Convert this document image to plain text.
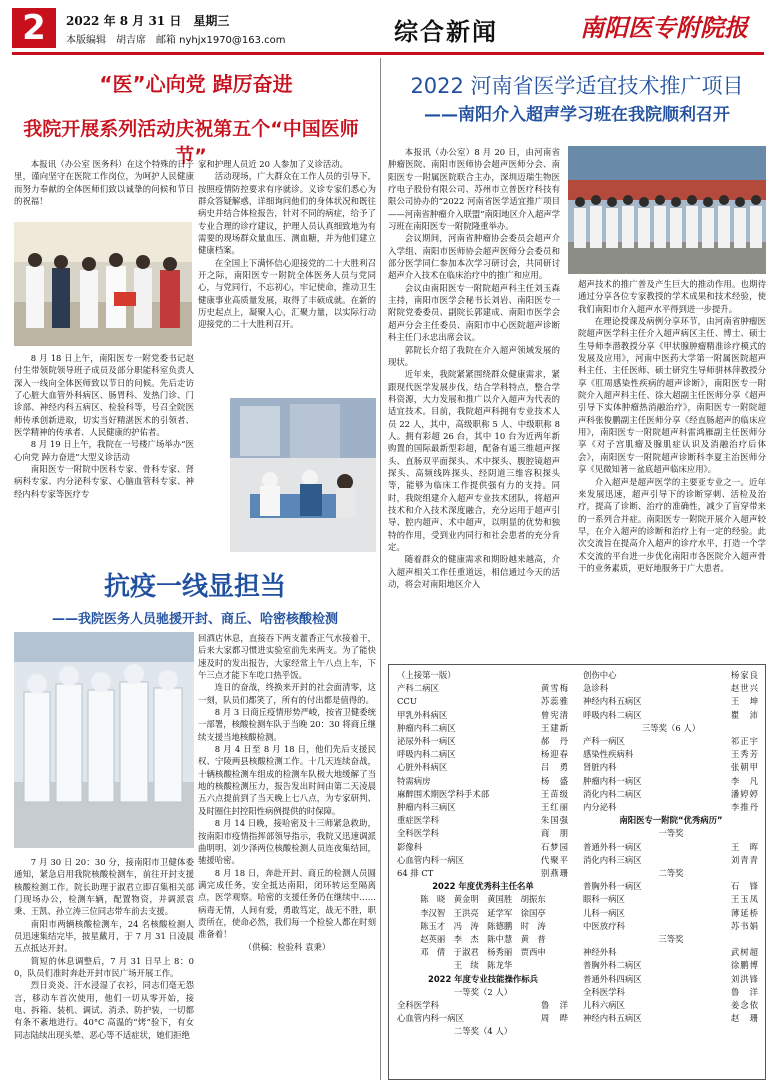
2	2022 年 8 月 31 日　星期三
本版编辑　胡吉席　邮箱 nyhjx1970@163.com	综合新闻	南阳医专附院报
“医”心向党 踔厉奋进
我院开展系列活动庆祝第五个“中国医师节”

本报讯（办公室 医务科）在这个特殊的日子里，谨向坚守在医院工作岗位，为呵护人民健康而努力奉献的全体医师们致以诚挚的问候和节日的祝福！

8 月 18 日上午，南阳医专一附党委书记赵付生带领院领导班子成员及部分职能科室负责人深入一线向全体医师致以节日的问候。先后走访了心脏大血管外科病区、肠胃科、发热门诊、门诊部、神经内科五病区、检验科等，号召全院医师传承创新进取，切实当好精湛医术的引领者、医学精神的传承者、人民健康的护佑者。

8 月 19 日上午，我院在一号楼广场举办“医心向党 踔力奋进”大型义诊活动

南阳医专一附院中医科专家、骨科专家、肾病科专家、内分泌科专家、心脑血管科专家、神经内科专家等医疗专

家和护理人员近 20 人参加了义诊活动。

活动现场，广大群众在工作人员的引导下，按照疫情防控要求有序就诊。义诊专家们悉心为群众答疑解惑，详细询问他们的身体状况和既往病史并结合体检报告，针对不同的病症，给予了专业合理的诊疗建议，护理人员认真细致地为有需要的现场群众量血压、测血糖，并为他们建立健康档案。

在全国上下满怀信心迎接党的二十大胜利召开之际，南阳医专一附院全体医务人员与党同心，与党同行，不忘初心，牢记使命，推动卫生健康事业高质量发展，取得了丰硕成就。在新的历史起点上，凝聚人心，汇聚力量，以实际行动迎接党的二十大胜利召开。

抗疫一线显担当
——我院医务人员驰援开封、商丘、哈密核酸检测

7 月 30 日 20：30 分，接南阳市卫健体委通知，紧急启用我院核酸检测车，前往开封支援核酸检测工作。院长助理于淑君立即召集相关部门现场办公，检测车辆，配置物资，并调派袁秉、王凯、孙立涛三位同志带车前去支援。

南阳市两辆核酸检测车，24 名核酸检测人员迅速集结完毕，披星戴月，于 7 月 31 日凌晨五点抵达开封。

简短的休息调整后，7 月 31 日早上 8：00，队员们准时奔赴开封市民广场开展工作。

烈日炎炎、汗水浸湿了衣衫，同志们毫无怨言，移动车首次使用，他们一切从零开始，接电、拆箱、装机、调试、消杀、防护装，一切都有条不紊地进行。40°C 高温的“烤”验下，有女同志陆续出现头晕、恶心等不适症状，她们拒绝

回酒店休息，直接吞下两支藿香正气水接着干，后来大家都习惯进实验室前先来两支。为了能快速及时的发出报告，大家经常上午八点上车，下午三点才能下车吃口热乎饭。

连日的奋战，终换来开封的社会面清零，这一刻，队员们都笑了，所有的付出都是值得的。

8 月 3 日商丘疫情形势严峻，按省卫健委统一部署，核酸检测车队于当晚 20：30 将商丘继续支援当地核酸检测。

8 月 4 日至 8 月 18 日，他们先后支援民权、宁陵两县核酸检测工作。十几天连续奋战，十辆核酸检测车组成的检测车队极大地缓解了当地的核酸检测压力，报告发出时间由第二天凌晨五六点提前到了当天晚上七八点，为专家研判、及时圈住封控阳性病例提供的时保障。

8 月 14 日晚，接哈密及十三师紧急救助，按南阳市疫情指挥部领导指示，我院又迅速调派曲明明、刘少泽两位核酸检测人员连夜集结回，驰援哈密。

8 月 18 日，奔赴开封、商丘的检测人员圆满完成任务，安全抵达南阳，闭环转运至隔离点，医学观察。哈密的支援任务仍在继续中……病毒无情，人间有爱，勇敢笃定，战无不胜，职责所在，使命必然，我们每一个检验人都在时刻准备着！

（供稿：检验科 袁秉）

2022 河南省医学适宜技术推广项目
——南阳介入超声学习班在我院顺利召开

本报讯（办公室）8 月 20 日，由河南省肿瘤医院、南阳市医师协会超声医师分会、南阳医专一附属医院联合主办，深圳迈瑞生物医疗电子股份有限公司、苏州市立普医疗科技有限公司协办的“2022 河南省医学适宜推广项目——河南省肿瘤介入联盟”南阳地区介入超声学习班在南阳医专一附院隆重举办。

会议期间，河南省肿瘤协会委员会超声介入学组、南阳市医师协会超声医师分会委员和部分医学同仁参加本次学习研讨会，共同研讨超声介入技术在临床治疗中的推广和应用。

会议由南阳医专一附院超声科主任刘玉森主持，南阳市医学会秘书长刘岩、南阳医专一附院党委委员、副院长郭建成、南阳市医学会超声分会主任委员、南阳市中心医院超声诊断科主任门永忠出席会议。

郭院长介绍了我院在介入超声领域发展的现状。

近年来，我院紧紧围绕群众健康需求，紧跟现代医学发展步伐，结合学科特点，整合学科资源，大力发展和推广以介入超声为代表的适宜技术。目前，我院超声科拥有专业技术人员 22 人，其中，高级职称 5 人、中级职称 8 人。拥有彩超 26 台，其中 10 台为近两年新购置的国际最新型彩超，配备有遥三维超声探头、直肠双平面探头、术中探头、腹腔镜超声探头、高频线阵探头、经阴道三维容积探头等，能够为临床工作提供强有力的支持。同时，我院组建介入超声专业技术团队，将超声技术和介入技术深度融合，充分运用于超声引导、腔内超声、术中超声，以明显的优势和独特的作用，受到业内同行和社会患者的充分肯定。

随着群众的健康需求和期盼越来越高，介入超声相关工作任重道远，相信通过今天的活动，将会对南阳地区介入

超声技术的推广普及产生巨大的推动作用。也期待通过分享各位专家教授的学术成果和技术经验，使我们南阳市介入超声水平得到进一步提升。

在理论授课及病例分享环节，由河南省肿瘤医院超声医学科主任介入超声病区主任、博士、硕士生导师李潜教授分享《甲状腺肿瘤精准诊疗模式的发展及应用》，河南中医药大学第一附属医院超声科主任、主任医师、硕士研究生导师骈林萍教授分享《肛周感染性疾病的超声诊断》，南阳医专一附院介入超声科主任、徐大超副主任医师分享《超声引导下实体肿瘤热消融治疗》，南阳医专一附院超声科张俊鹏副主任医师分享《经直肠超声的临床应用》，南阳医专一附院超声科雷鸿雁副主任医师分享《对子宫肌瘤及腺肌症认识及消融治疗后体会》，南阳医专一附院超声诊断科李夏主治医师分享《见微知著－盆底超声临床应用》。

介入超声是超声医学的主要亚专业之一。近年来发展迅速，超声引导下的诊断穿刺、活检及治疗，提高了诊断、治疗的准确性，减少了盲穿带来的一系列合并症。南阳医专一附院开展介入超声较早，在介入超声的诊断和治疗上有一定的经验。此次交流旨在提高介入超声的诊疗水平，打造一个学术交流的平台进一步优化南阳市各医院介入超声骨干的业务素质，更好地服务于广大患者。

（上接第一版）	
产科二病区	黄雪梅
CCU	苏蕊雅
甲乳外科病区	曾宪清
肿瘤内科二病区	王建新
泌尿外科一病区	郝　丹
呼吸内科二病区	杨迎春
心脏外科病区	吕　勇
特需病房	杨　盛
麻醉围术期医学科手术部	王苗级
肿瘤内科三病区	王红丽
重症医学科	朱国强
全科医学科	商　朋
影像科	石梦园
心血管内科一病区	代聚平
64 排 CT	别燕珊
2022 年度优秀科主任名单	
陈　晓　黄金明　黄国胜　胡振东	
李汉智　王洪亮　延学军　徐国亭	
陈玉才　冯　涛　陈德鹏　时　涛	
赵英丽　李　杰　陈中慧　黄　普	
邓　倩　于淑君　杨秀丽　贾西申	
王　续　陈龙华	
2022 年度专业技能操作标兵	
一等奖（2 人）	
全科医学科	鲁　洋
心血管内科一病区	周　晔
二等奖（4 人）	
创伤中心	杨家良
急诊科	赵世兴
神经内科五病区	王　坤
呼吸内科二病区	瞿　沛
三等奖（6 人）	
产科一病区	祁正宇
感染性疾病科	王秀芳
肾脏内科	张朝甲
肿瘤内科一病区	李　凡
消化内科二病区	潘婷婷
内分泌科	李推丹
南阳医专一附院“优秀病历”	
一等奖	
普通外科一病区	王　晖
消化内科三病区	刘青青
二等奖	
普胸外科一病区	石　锋
眼科一病区	王玉凤
儿科一病区	薄延桥
中医放疗科	苏书娟
三等奖	
神经外科	武树超
普胸外科二病区	徐鹏博
普通外科四病区	刘洪锋
全科医学科	鲁　洋
儿科六病区	姜念依
神经内科五病区	赵　珊
